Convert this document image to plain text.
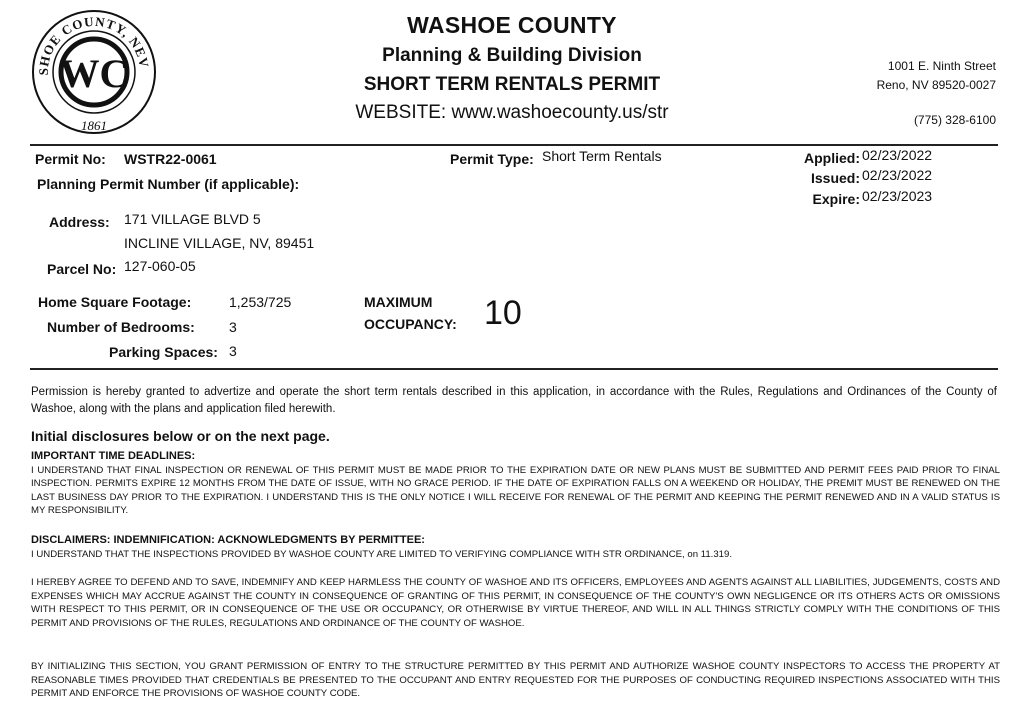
SHOE COUNTY, NEV
WC
1861
WASHOE COUNTY
Planning & Building Division
SHORT TERM RENTALS PERMIT
WEBSITE: www.washoecounty.us/str
1001 E. Ninth Street
Reno, NV 89520-0027
(775) 328-6100
Permit No: WSTR22-0061
Planning Permit Number (if applicable):
Permit Type: Short Term Rentals	Applied: 02/23/2022
Issued: 02/23/2022
Expire: 02/23/2023
Address: 171 VILLAGE BLVD 5
INCLINE VILLAGE, NV, 89451
Parcel No: 127-060-05
Home Square Footage:	1,253/725
Number of Bedrooms: 3
Parking Spaces: 3
MAXIMUM
OCCUPANCY: 10
Permission is hereby granted to advertize and operate the short term rentals described in this application, in accordance with the Rules, Regulations and Ordinances of the County of Washoe, along with the plans and application filed herewith.
Initial disclosures below or on the next page.
IMPORTANT TIME DEADLINES:
I UNDERSTAND THAT FINAL INSPECTION OR RENEWAL OF THIS PERMIT MUST BE MADE PRIOR TO THE EXPIRATION DATE OR NEW PLANS MUST BE SUBMITTED AND PERMIT FEES PAID PRIOR TO FINAL INSPECTION. PERMITS EXPIRE 12 MONTHS FROM THE DATE OF ISSUE, WITH NO GRACE PERIOD. IF THE DATE OF EXPIRATION FALLS ON A WEEKEND OR HOLIDAY, THE PREMIT MUST BE RENEWED ON THE LAST BUSINESS DAY PRIOR TO THE EXPIRATION. I UNDERSTAND THIS IS THE ONLY NOTICE I WILL RECEIVE FOR RENEWAL OF THE PERMIT AND KEEPING THE PERMIT RENEWED AND IN A VALID STATUS IS MY RESPONSIBILITY.
DISCLAIMERS: INDEMNIFICATION: ACKNOWLEDGMENTS BY PERMITTEE:
I UNDERSTAND THAT THE INSPECTIONS PROVIDED BY WASHOE COUNTY ARE LIMITED TO VERIFYING COMPLIANCE WITH STR ORDINANCE, on 11.319.
I HEREBY AGREE TO DEFEND AND TO SAVE, INDEMNIFY AND KEEP HARMLESS THE COUNTY OF WASHOE AND ITS OFFICERS, EMPLOYEES AND AGENTS AGAINST ALL LIABILITIES, JUDGEMENTS, COSTS AND EXPENSES WHICH MAY ACCRUE AGAINST THE COUNTY IN CONSEQUENCE OF GRANTING OF THIS PERMIT, IN CONSEQUENCE OF THE COUNTY'S OWN NEGLIGENCE OR ITS OTHERS ACTS OR OMISSIONS WITH RESPECT TO THIS PERMIT, OR IN CONSEQUENCE OF THE USE OR OCCUPANCY, OR OTHERWISE BY VIRTUE THEREOF, AND WILL IN ALL THINGS STRICTLY COMPLY WITH THE CONDITIONS OF THIS PERMIT AND PROVISIONS OF THE RULES, REGULATIONS AND ORDINANCE OF THE COUNTY OF WASHOE.
BY INITIALIZING THIS SECTION, YOU GRANT PERMISSION OF ENTRY TO THE STRUCTURE PERMITTED BY THIS PERMIT AND AUTHORIZE WASHOE COUNTY INSPECTORS TO ACCESS THE PROPERTY AT REASONABLE TIMES PROVIDED THAT CREDENTIALS BE PRESENTED TO THE OCCUPANT AND ENTRY REQUESTED FOR THE PURPOSES OF CONDUCTING REQUIRED INSPECTIONS ASSOCIATED WITH THIS PERMIT AND ENFORCE THE PROVISIONS OF WASHOE COUNTY CODE.
